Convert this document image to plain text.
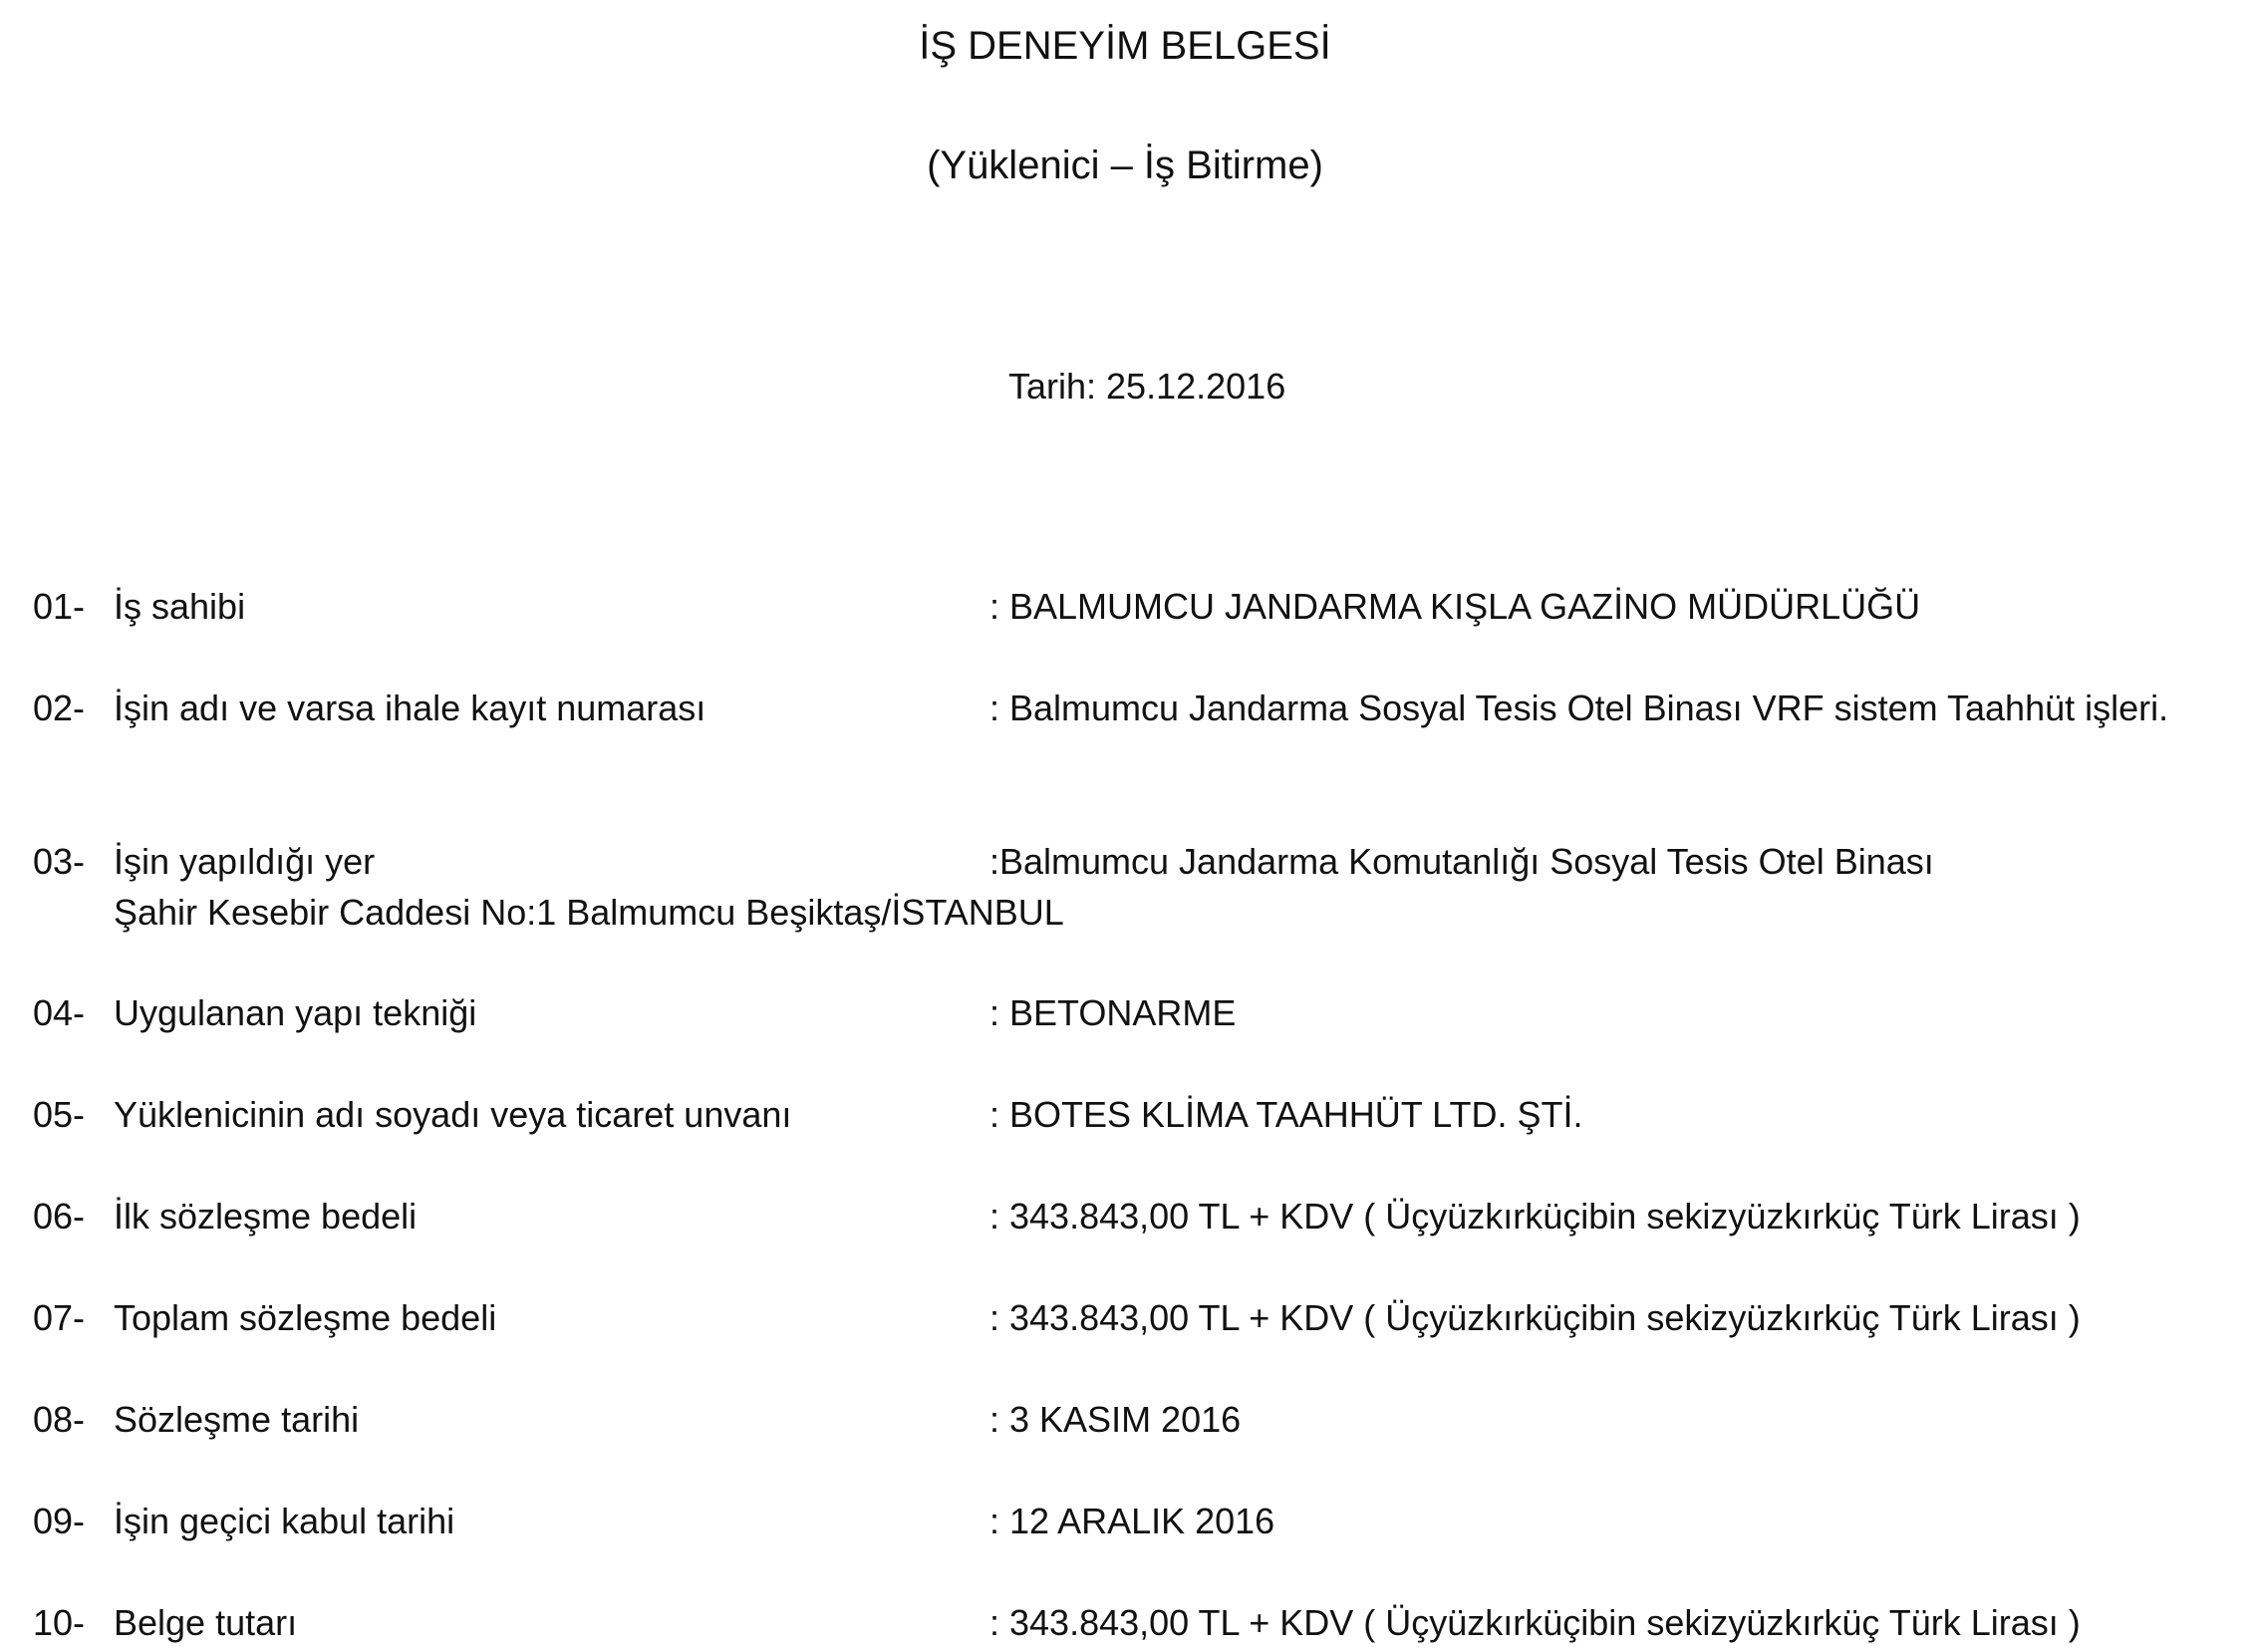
İŞ DENEYİM BELGESİ
(Yüklenici – İş Bitirme)
Tarih: 25.12.2016
01- İş sahibi	: BALMUMCU JANDARMA KIŞLA GAZİNO MÜDÜRLÜĞÜ
02- İşin adı ve varsa ihale kayıt numarası	: Balmumcu Jandarma Sosyal Tesis Otel Binası VRF sistem Taahhüt işleri.
03- İşin yapıldığı yer	:Balmumcu Jandarma Komutanlığı Sosyal Tesis Otel Binası
Şahir Kesebir Caddesi No:1 Balmumcu Beşiktaş/İSTANBUL
04- Uygulanan yapı tekniği	: BETONARME
05- Yüklenicinin adı soyadı veya ticaret unvanı	: BOTES KLİMA TAAHHÜT LTD. ŞTİ.
06- İlk sözleşme bedeli	: 343.843,00 TL + KDV ( Üçyüzkırküçibin sekizyüzkırküç Türk Lirası )
07- Toplam sözleşme bedeli	: 343.843,00 TL + KDV ( Üçyüzkırküçibin sekizyüzkırküç Türk Lirası )
08- Sözleşme tarihi	: 3 KASIM 2016
09- İşin geçici kabul tarihi	: 12 ARALIK 2016
10- Belge tutarı	: 343.843,00 TL + KDV ( Üçyüzkırküçibin sekizyüzkırküç Türk Lirası )
